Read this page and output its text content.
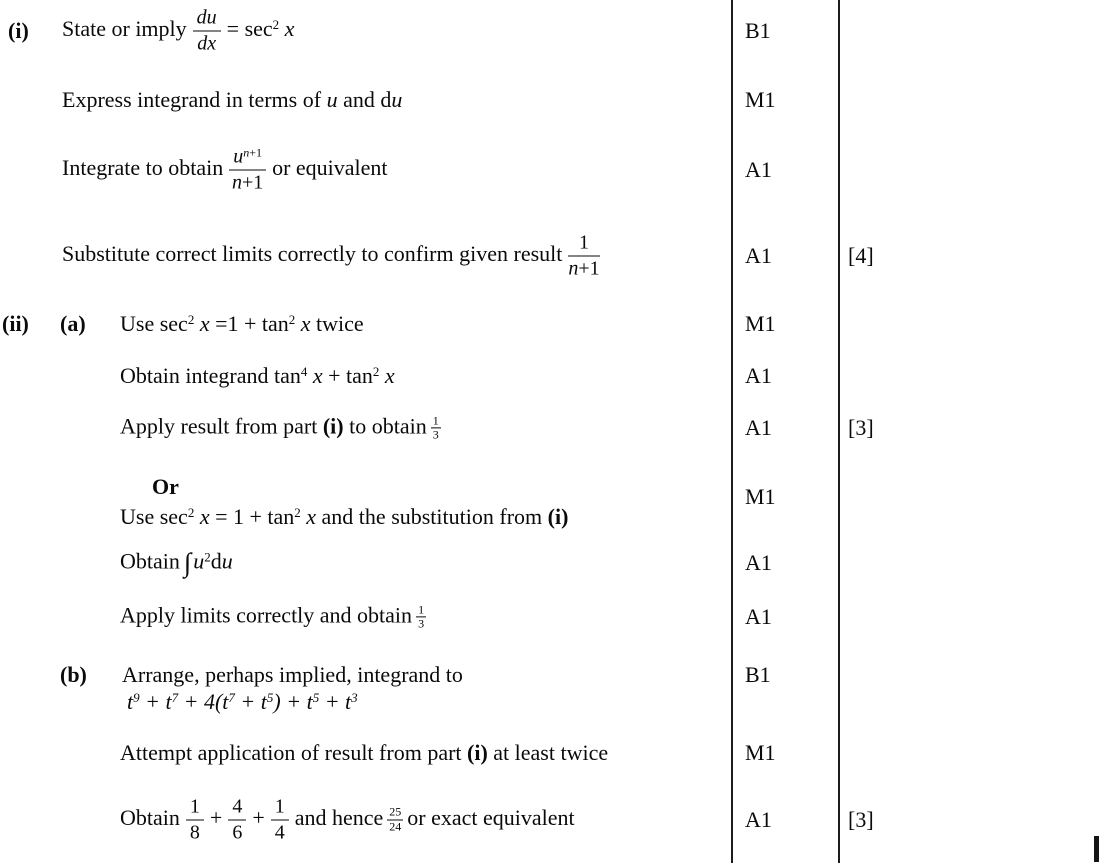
(i)
(ii) (a)
(b)
State or imply $\frac{du}{dx} = \sec^2 x$
Express integrand in terms of u and du
Integrate to obtain $\frac{u^{n+1}}{n+1}$ or equivalent
Substitute correct limits correctly to confirm given result $\frac{1}{n+1}$
Use $\sec^2 x =1 + \tan^2 x$ twice
Obtain integrand $\tan^4 x + \tan^2 x$
Apply result from part (i) to obtain $\frac{1}{3}$
Or
Use $\sec^2 x = 1 + \tan^2 x$ and the substitution from (i)
Obtain $\int u^2du$
Apply limits correctly and obtain $\frac{1}{3}$
Arrange, perhaps implied, integrand to
$t^9 + t^7 + 4(t^7 + t^5) + t^5 + t^3$
Attempt application of result from part (i) at least twice
Obtain $\frac{1}{8} + \frac{4}{6} + \frac{1}{4}$ and hence $\frac{25}{24}$ or exact equivalent
B1
M1
A1
A1
M1
A1
A1
M1
A1
A1
B1
M1
A1
[4]
[3]
[3]
